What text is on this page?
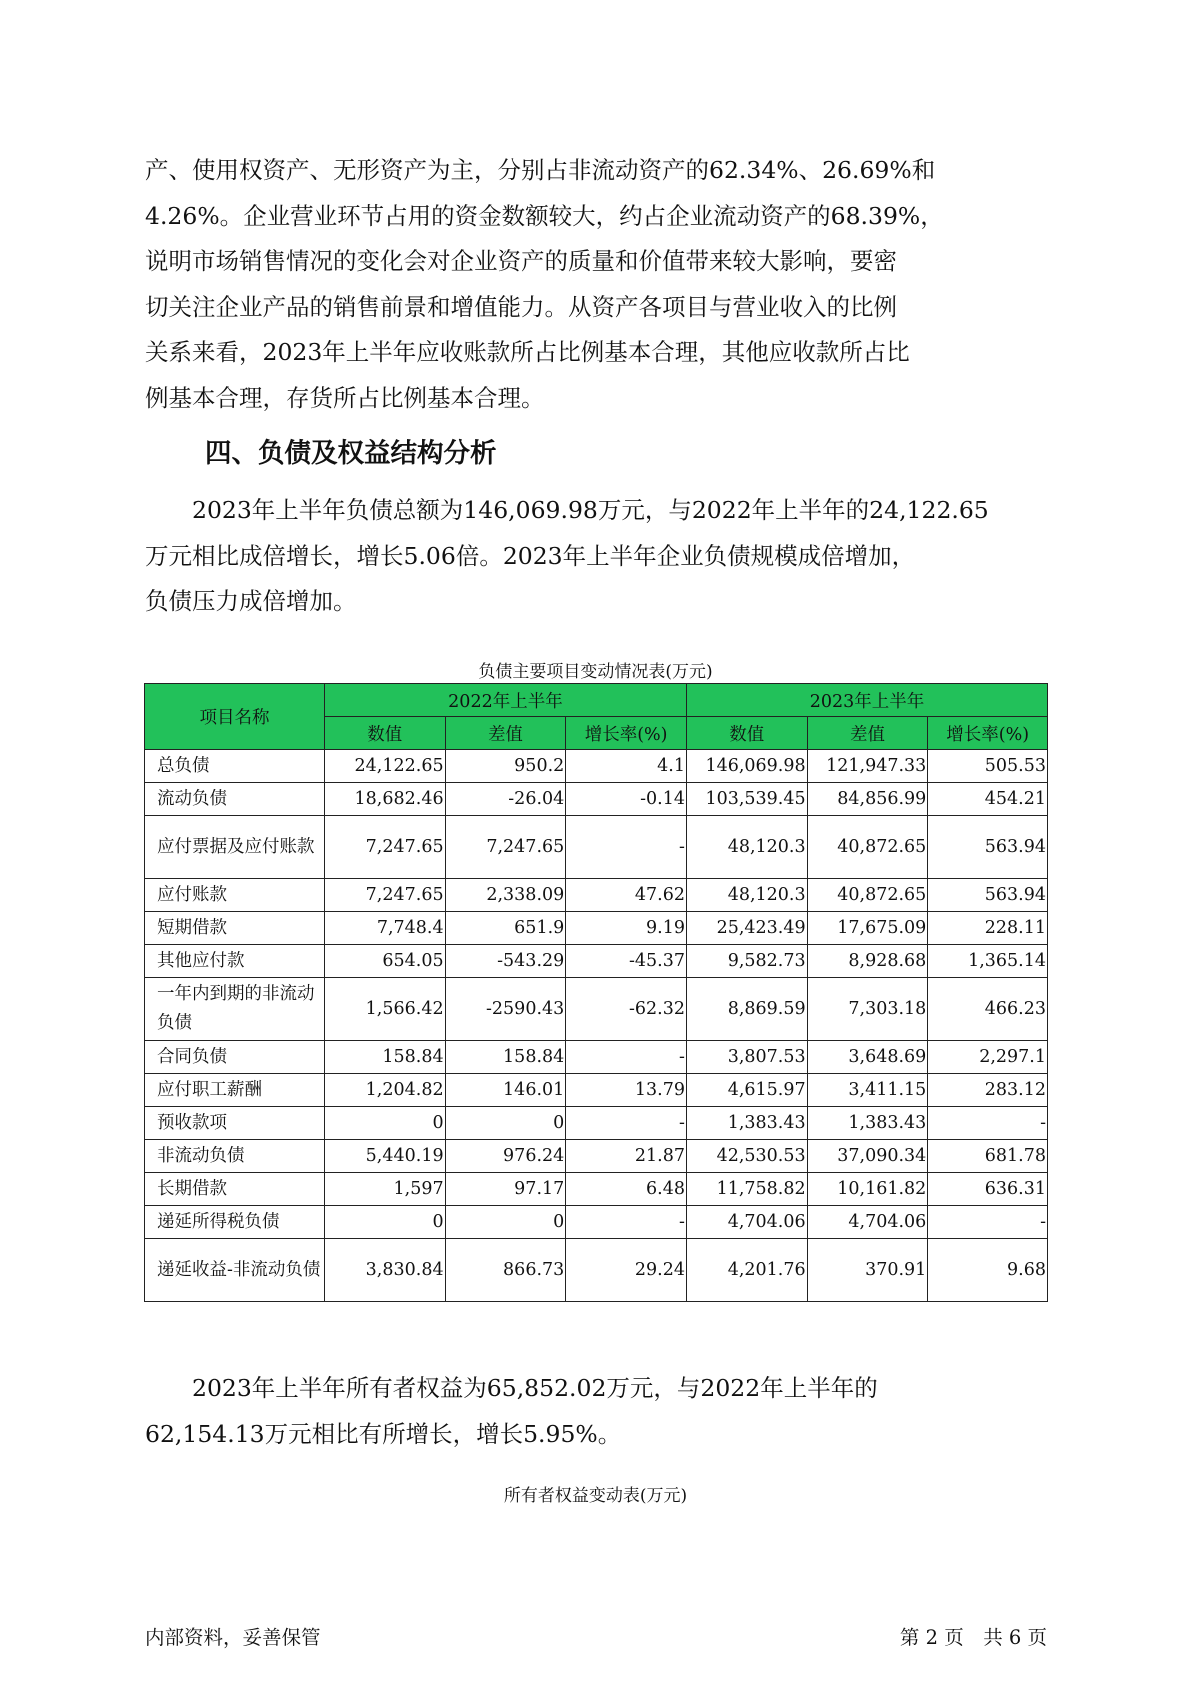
产、使用权资产、无形资产为主，分别占非流动资产的62.34%、26.69%和
4.26%。企业营业环节占用的资金数额较大，约占企业流动资产的68.39%，
说明市场销售情况的变化会对企业资产的质量和价值带来较大影响，要密
切关注企业产品的销售前景和增值能力。从资产各项目与营业收入的比例
关系来看，2023年上半年应收账款所占比例基本合理，其他应收款所占比
例基本合理，存货所占比例基本合理。
四、负债及权益结构分析
　　2023年上半年负债总额为146,069.98万元，与2022年上半年的24,122.65
万元相比成倍增长，增长5.06倍。2023年上半年企业负债规模成倍增加，
负债压力成倍增加。
负债主要项目变动情况表(万元)
项目名称	2022年上半年			2023年上半年		
	数值	差值	增长率(%)	数值	差值	增长率(%)
总负债	24,122.65	950.2	4.1	146,069.98	121,947.33	505.53
流动负债	18,682.46	-26.04	-0.14	103,539.45	84,856.99	454.21
应付票据及应付账款	7,247.65	7,247.65	-	48,120.3	40,872.65	563.94
应付账款	7,247.65	2,338.09	47.62	48,120.3	40,872.65	563.94
短期借款	7,748.4	651.9	9.19	25,423.49	17,675.09	228.11
其他应付款	654.05	-543.29	-45.37	9,582.73	8,928.68	1,365.14
一年内到期的非流动负债	1,566.42	-2590.43	-62.32	8,869.59	7,303.18	466.23
合同负债	158.84	158.84	-	3,807.53	3,648.69	2,297.1
应付职工薪酬	1,204.82	146.01	13.79	4,615.97	3,411.15	283.12
预收款项	0	0	-	1,383.43	1,383.43	-
非流动负债	5,440.19	976.24	21.87	42,530.53	37,090.34	681.78
长期借款	1,597	97.17	6.48	11,758.82	10,161.82	636.31
递延所得税负债	0	0	-	4,704.06	4,704.06	-
递延收益-非流动负债	3,830.84	866.73	29.24	4,201.76	370.91	9.68
　　2023年上半年所有者权益为65,852.02万元，与2022年上半年的
62,154.13万元相比有所增长，增长5.95%。
所有者权益变动表(万元)
内部资料，妥善保管	第 2 页　共 6 页
